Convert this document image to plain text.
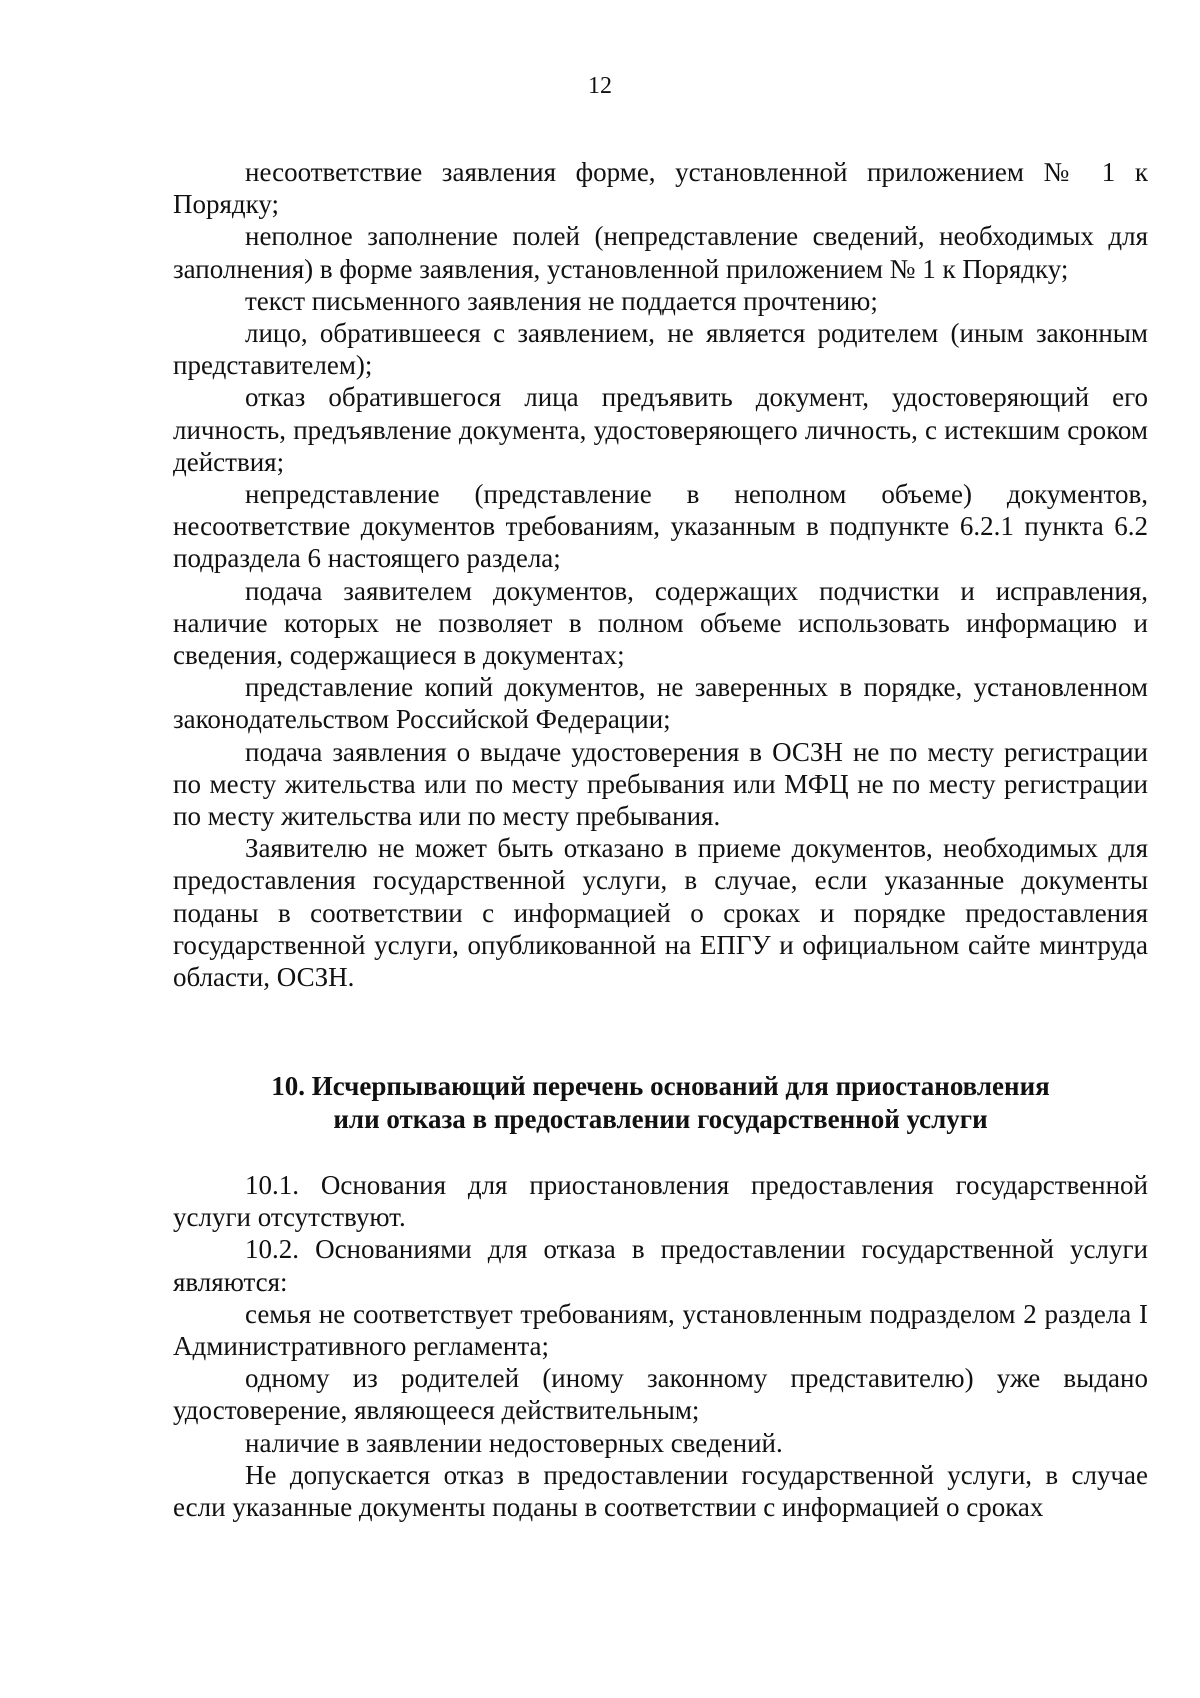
12

несоответствие заявления форме, установленной приложением № 1 к Порядку;

неполное заполнение полей (непредставление сведений, необходимых для заполнения) в форме заявления, установленной приложением № 1 к Порядку;

текст письменного заявления не поддается прочтению;

лицо, обратившееся с заявлением, не является родителем (иным законным представителем);

отказ обратившегося лица предъявить документ, удостоверяющий его личность, предъявление документа, удостоверяющего личность, с истекшим сроком действия;

непредставление (представление в неполном объеме) документов, несоответствие документов требованиям, указанным в подпункте 6.2.1 пункта 6.2 подраздела 6 настоящего раздела;

подача заявителем документов, содержащих подчистки и исправления, наличие которых не позволяет в полном объеме использовать информацию и сведения, содержащиеся в документах;

представление копий документов, не заверенных в порядке, установленном законодательством Российской Федерации;

подача заявления о выдаче удостоверения в ОСЗН не по месту регистрации по месту жительства или по месту пребывания или МФЦ не по месту регистрации по месту жительства или по месту пребывания.

Заявителю не может быть отказано в приеме документов, необходимых для предоставления государственной услуги, в случае, если указанные документы поданы в соответствии с информацией о сроках и порядке предоставления государственной услуги, опубликованной на ЕПГУ и официальном сайте минтруда области, ОСЗН.

10. Исчерпывающий перечень оснований для приостановления
или отказа в предоставлении государственной услуги

10.1. Основания для приостановления предоставления государственной услуги отсутствуют.

10.2. Основаниями для отказа в предоставлении государственной услуги являются:

семья не соответствует требованиям, установленным подразделом 2 раздела I Административного регламента;

одному из родителей (иному законному представителю) уже выдано удостоверение, являющееся действительным;

наличие в заявлении недостоверных сведений.

Не допускается отказ в предоставлении государственной услуги, в случае если указанные документы поданы в соответствии с информацией о сроках
